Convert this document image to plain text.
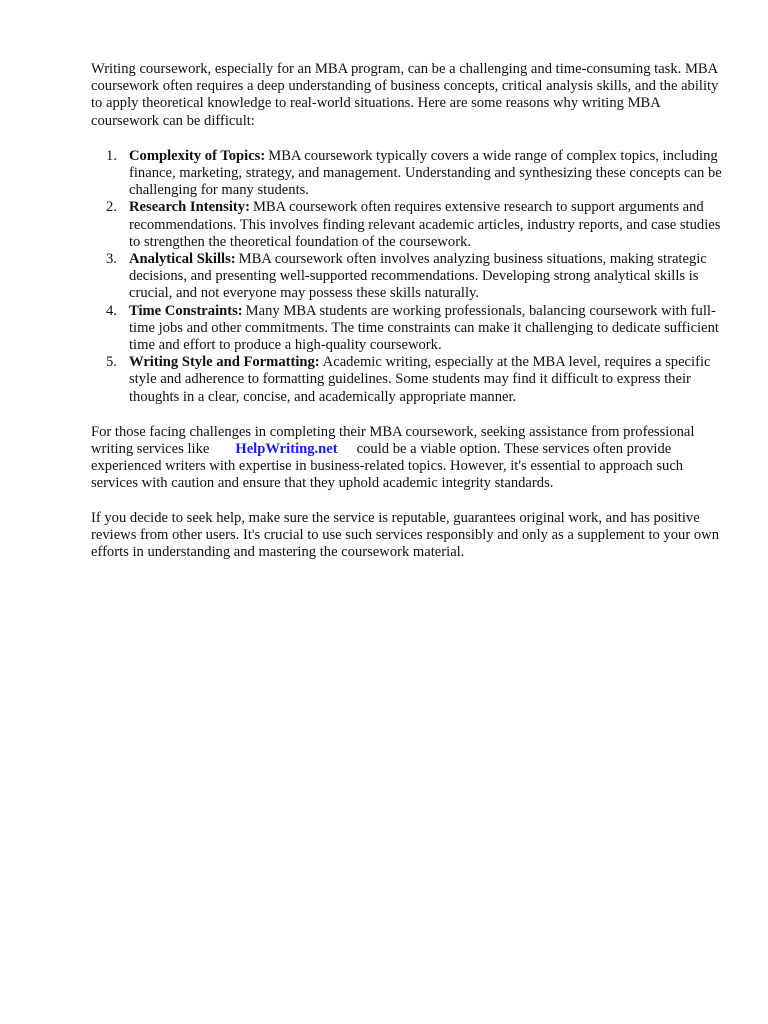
Writing coursework, especially for an MBA program, can be a challenging and time-consuming task. MBA coursework often requires a deep understanding of business concepts, critical analysis skills, and the ability to apply theoretical knowledge to real-world situations. Here are some reasons why writing MBA coursework can be difficult:

1. Complexity of Topics: MBA coursework typically covers a wide range of complex topics, including finance, marketing, strategy, and management. Understanding and synthesizing these concepts can be challenging for many students.
2. Research Intensity: MBA coursework often requires extensive research to support arguments and recommendations. This involves finding relevant academic articles, industry reports, and case studies to strengthen the theoretical foundation of the coursework.
3. Analytical Skills: MBA coursework often involves analyzing business situations, making strategic decisions, and presenting well-supported recommendations. Developing strong analytical skills is crucial, and not everyone may possess these skills naturally.
4. Time Constraints: Many MBA students are working professionals, balancing coursework with full-time jobs and other commitments. The time constraints can make it challenging to dedicate sufficient time and effort to produce a high-quality coursework.
5. Writing Style and Formatting: Academic writing, especially at the MBA level, requires a specific style and adherence to formatting guidelines. Some students may find it difficult to express their thoughts in a clear, concise, and academically appropriate manner.

For those facing challenges in completing their MBA coursework, seeking assistance from professional writing services like HelpWriting.net could be a viable option. These services often provide experienced writers with expertise in business-related topics. However, it's essential to approach such services with caution and ensure that they uphold academic integrity standards.

If you decide to seek help, make sure the service is reputable, guarantees original work, and has positive reviews from other users. It's crucial to use such services responsibly and only as a supplement to your own efforts in understanding and mastering the coursework material.
